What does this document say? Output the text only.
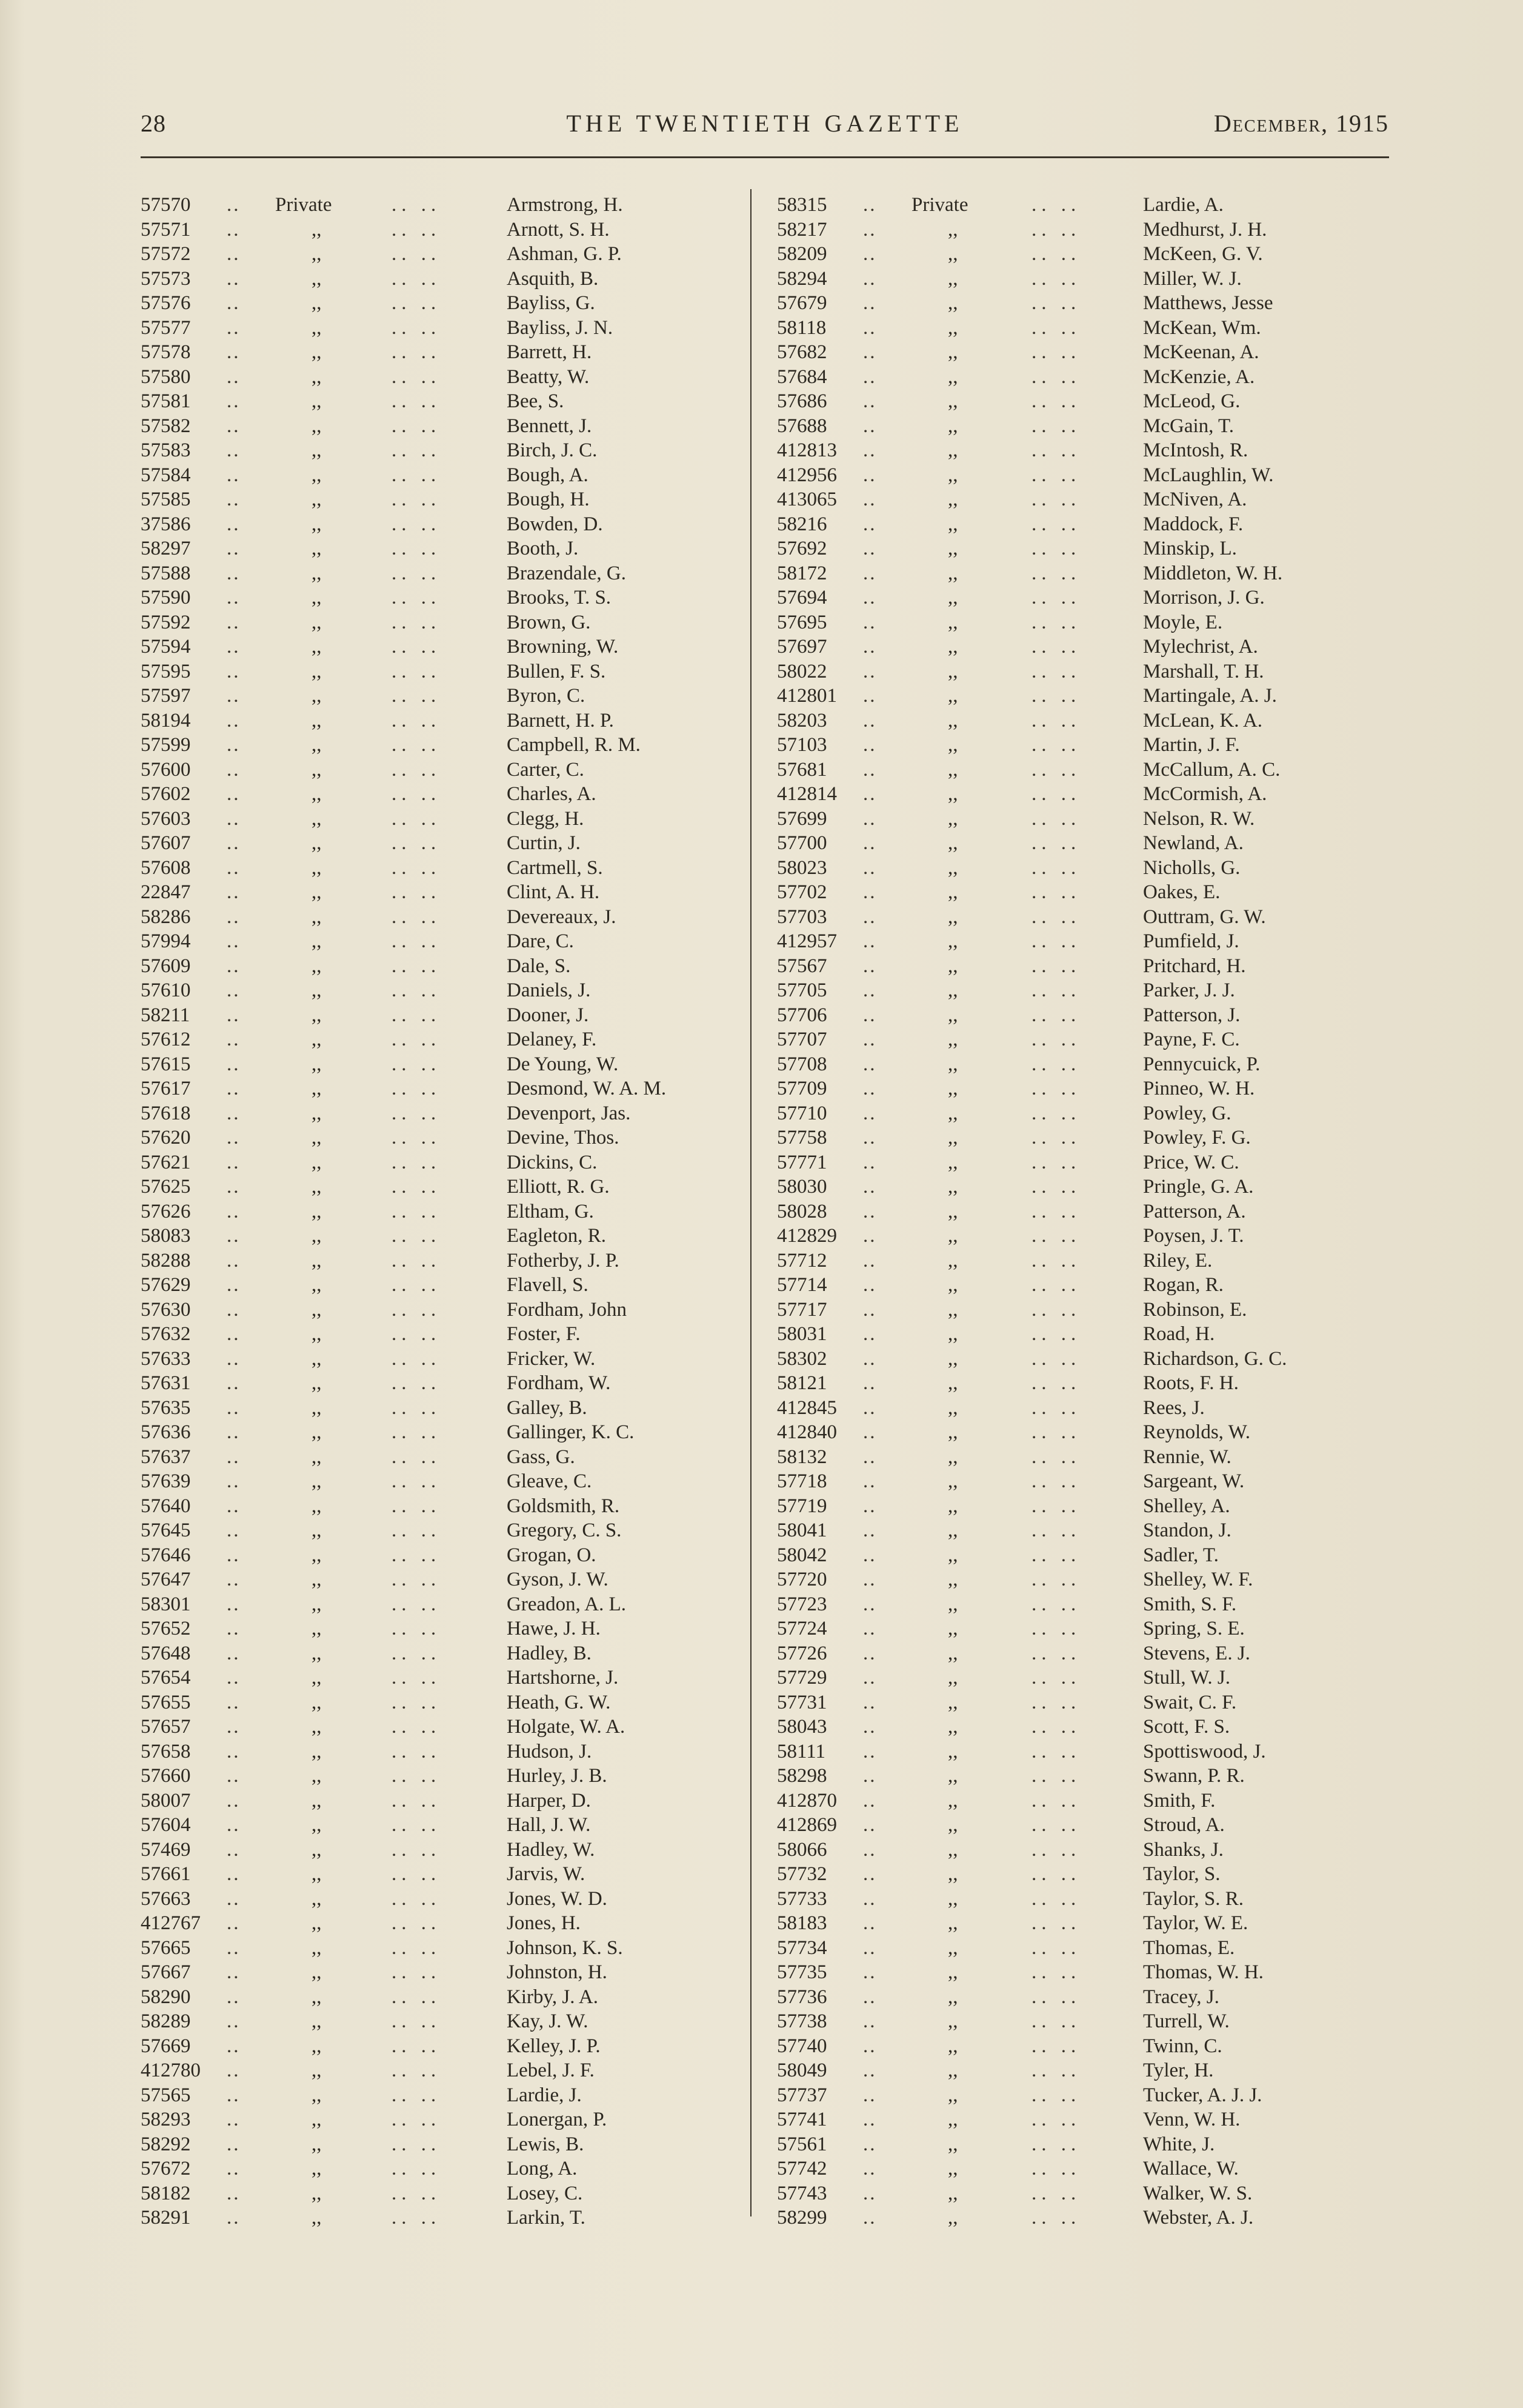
28	THE TWENTIETH GAZETTE	December, 1915
57570 .. Private	.. ..	Armstrong, H.
57571 ..	,,	.. ..	Arnott, S. H.
57572 ..	,,	.. ..	Ashman, G. P.
57573 ..	,,	.. ..	Asquith, B.
57576 ..	,,	.. ..	Bayliss, G.
57577 ..	,,	.. ..	Bayliss, J. N.
57578 ..	,,	.. ..	Barrett, H.
57580 ..	,,	.. ..	Beatty, W.
57581 ..	,,	.. ..	Bee, S.
57582 ..	,,	.. ..	Bennett, J.
57583 ..	,,	.. ..	Birch, J. C.
57584 ..	,,	.. ..	Bough, A.
57585 ..	,,	.. ..	Bough, H.
37586 ..	,,	.. ..	Bowden, D.
58297 ..	,,	.. ..	Booth, J.
57588 ..	,,	.. ..	Brazendale, G.
57590 ..	,,	.. ..	Brooks, T. S.
57592 ..	,,	.. ..	Brown, G.
57594 ..	,,	.. ..	Browning, W.
57595 ..	,,	.. ..	Bullen, F. S.
57597 ..	,,	.. ..	Byron, C.
58194 ..	,,	.. ..	Barnett, H. P.
57599 ..	,,	.. ..	Campbell, R. M.
57600 ..	,,	.. ..	Carter, C.
57602 ..	,,	.. ..	Charles, A.
57603 ..	,,	.. ..	Clegg, H.
57607 ..	,,	.. ..	Curtin, J.
57608 ..	,,	.. ..	Cartmell, S.
22847 ..	,,	.. ..	Clint, A. H.
58286 ..	,,	.. ..	Devereaux, J.
57994 ..	,,	.. ..	Dare, C.
57609 ..	,,	.. ..	Dale, S.
57610 ..	,,	.. ..	Daniels, J.
58211 ..	,,	.. ..	Dooner, J.
57612 ..	,,	.. ..	Delaney, F.
57615 ..	,,	.. ..	De Young, W.
57617 ..	,,	.. ..	Desmond, W. A. M.
57618 ..	,,	.. ..	Devenport, Jas.
57620 ..	,,	.. ..	Devine, Thos.
57621 ..	,,	.. ..	Dickins, C.
57625 ..	,,	.. ..	Elliott, R. G.
57626 ..	,,	.. ..	Eltham, G.
58083 ..	,,	.. ..	Eagleton, R.
58288 ..	,,	.. ..	Fotherby, J. P.
57629 ..	,,	.. ..	Flavell, S.
57630 ..	,,	.. ..	Fordham, John
57632 ..	,,	.. ..	Foster, F.
57633 ..	,,	.. ..	Fricker, W.
57631 ..	,,	.. ..	Fordham, W.
57635 ..	,,	.. ..	Galley, B.
57636 ..	,,	.. ..	Gallinger, K. C.
57637 ..	,,	.. ..	Gass, G.
57639 ..	,,	.. ..	Gleave, C.
57640 ..	,,	.. ..	Goldsmith, R.
57645 ..	,,	.. ..	Gregory, C. S.
57646 ..	,,	.. ..	Grogan, O.
57647 ..	,,	.. ..	Gyson, J. W.
58301 ..	,,	.. ..	Greadon, A. L.
57652 ..	,,	.. ..	Hawe, J. H.
57648 ..	,,	.. ..	Hadley, B.
57654 ..	,,	.. ..	Hartshorne, J.
57655 ..	,,	.. ..	Heath, G. W.
57657 ..	,,	.. ..	Holgate, W. A.
57658 ..	,,	.. ..	Hudson, J.
57660 ..	,,	.. ..	Hurley, J. B.
58007 ..	,,	.. ..	Harper, D.
57604 ..	,,	.. ..	Hall, J. W.
57469 ..	,,	.. ..	Hadley, W.
57661 ..	,,	.. ..	Jarvis, W.
57663 ..	,,	.. ..	Jones, W. D.
412767 ..	,,	.. ..	Jones, H.
57665 ..	,,	.. ..	Johnson, K. S.
57667 ..	,,	.. ..	Johnston, H.
58290 ..	,,	.. ..	Kirby, J. A.
58289 ..	,,	.. ..	Kay, J. W.
57669 ..	,,	.. ..	Kelley, J. P.
412780 ..	,,	.. ..	Lebel, J. F.
57565 ..	,,	.. ..	Lardie, J.
58293 ..	,,	.. ..	Lonergan, P.
58292 ..	,,	.. ..	Lewis, B.
57672 ..	,,	.. ..	Long, A.
58182 ..	,,	.. ..	Losey, C.
58291 ..	,,	.. ..	Larkin, T.
58315 .. Private	.. ..	Lardie, A.
58217 ..	,,	.. ..	Medhurst, J. H.
58209 ..	,,	.. ..	McKeen, G. V.
58294 ..	,,	.. ..	Miller, W. J.
57679 ..	,,	.. ..	Matthews, Jesse
58118 ..	,,	.. ..	McKean, Wm.
57682 ..	,,	.. ..	McKeenan, A.
57684 ..	,,	.. ..	McKenzie, A.
57686 ..	,,	.. ..	McLeod, G.
57688 ..	,,	.. ..	McGain, T.
412813 ..	,,	.. ..	McIntosh, R.
412956 ..	,,	.. ..	McLaughlin, W.
413065 ..	,,	.. ..	McNiven, A.
58216 ..	,,	.. ..	Maddock, F.
57692 ..	,,	.. ..	Minskip, L.
58172 ..	,,	.. ..	Middleton, W. H.
57694 ..	,,	.. ..	Morrison, J. G.
57695 ..	,,	.. ..	Moyle, E.
57697 ..	,,	.. ..	Mylechrist, A.
58022 ..	,,	.. ..	Marshall, T. H.
412801 ..	,,	.. ..	Martingale, A. J.
58203 ..	,,	.. ..	McLean, K. A.
57103 ..	,,	.. ..	Martin, J. F.
57681 ..	,,	.. ..	McCallum, A. C.
412814 ..	,,	.. ..	McCormish, A.
57699 ..	,,	.. ..	Nelson, R. W.
57700 ..	,,	.. ..	Newland, A.
58023 ..	,,	.. ..	Nicholls, G.
57702 ..	,,	.. ..	Oakes, E.
57703 ..	,,	.. ..	Outtram, G. W.
412957 ..	,,	.. ..	Pumfield, J.
57567 ..	,,	.. ..	Pritchard, H.
57705 ..	,,	.. ..	Parker, J. J.
57706 ..	,,	.. ..	Patterson, J.
57707 ..	,,	.. ..	Payne, F. C.
57708 ..	,,	.. ..	Pennycuick, P.
57709 ..	,,	.. ..	Pinneo, W. H.
57710 ..	,,	.. ..	Powley, G.
57758 ..	,,	.. ..	Powley, F. G.
57771 ..	,,	.. ..	Price, W. C.
58030 ..	,,	.. ..	Pringle, G. A.
58028 ..	,,	.. ..	Patterson, A.
412829 ..	,,	.. ..	Poysen, J. T.
57712 ..	,,	.. ..	Riley, E.
57714 ..	,,	.. ..	Rogan, R.
57717 ..	,,	.. ..	Robinson, E.
58031 ..	,,	.. ..	Road, H.
58302 ..	,,	.. ..	Richardson, G. C.
58121 ..	,,	.. ..	Roots, F. H.
412845 ..	,,	.. ..	Rees, J.
412840 ..	,,	.. ..	Reynolds, W.
58132 ..	,,	.. ..	Rennie, W.
57718 ..	,,	.. ..	Sargeant, W.
57719 ..	,,	.. ..	Shelley, A.
58041 ..	,,	.. ..	Standon, J.
58042 ..	,,	.. ..	Sadler, T.
57720 ..	,,	.. ..	Shelley, W. F.
57723 ..	,,	.. ..	Smith, S. F.
57724 ..	,,	.. ..	Spring, S. E.
57726 ..	,,	.. ..	Stevens, E. J.
57729 ..	,,	.. ..	Stull, W. J.
57731 ..	,,	.. ..	Swait, C. F.
58043 ..	,,	.. ..	Scott, F. S.
58111 ..	,,	.. ..	Spottiswood, J.
58298 ..	,,	.. ..	Swann, P. R.
412870 ..	,,	.. ..	Smith, F.
412869 ..	,,	.. ..	Stroud, A.
58066 ..	,,	.. ..	Shanks, J.
57732 ..	,,	.. ..	Taylor, S.
57733 ..	,,	.. ..	Taylor, S. R.
58183 ..	,,	.. ..	Taylor, W. E.
57734 ..	,,	.. ..	Thomas, E.
57735 ..	,,	.. ..	Thomas, W. H.
57736 ..	,,	.. ..	Tracey, J.
57738 ..	,,	.. ..	Turrell, W.
57740 ..	,,	.. ..	Twinn, C.
58049 ..	,,	.. ..	Tyler, H.
57737 ..	,,	.. ..	Tucker, A. J. J.
57741 ..	,,	.. ..	Venn, W. H.
57561 ..	,,	.. ..	White, J.
57742 ..	,,	.. ..	Wallace, W.
57743 ..	,,	.. ..	Walker, W. S.
58299 ..	,,	.. ..	Webster, A. J.
